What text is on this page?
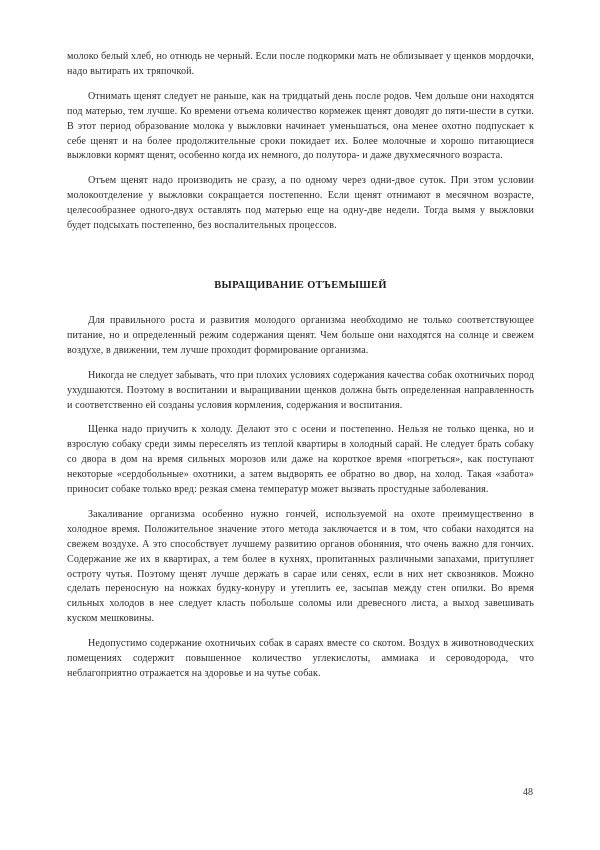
молоко белый хлеб, но отнюдь не черный. Если после подкормки мать не облизывает у щенков мордочки, надо вытирать их тряпочкой.

Отнимать щенят следует не раньше, как на тридцатый день после родов. Чем дольше они находятся под матерью, тем лучше. Ко времени отъема количество кормежек щенят доводят до пяти-шести в сутки. В этот период образование молока у выжловки начинает уменьшаться, она менее охотно подпускает к себе щенят и на более продолжительные сроки покидает их. Более молочные и хорошо питающиеся выжловки кормят щенят, особенно когда их немного, до полутора- и даже двухмесячного возраста.

Отъем щенят надо производить не сразу, а по одному через одни-двое суток. При этом условии молокоотделение у выжловки сокращается постепенно. Если щенят отнимают в месячном возрасте, целесообразнее одного-двух оставлять под матерью еще на одну-две недели. Тогда вымя у выжловки будет подсыхать постепенно, без воспалительных процессов.

ВЫРАЩИВАНИЕ ОТЪЕМЫШЕЙ

Для правильного роста и развития молодого организма необходимо не только соответствующее питание, но и определенный режим содержания щенят. Чем больше они находятся на солнце и свежем воздухе, в движении, тем лучше проходит формирование организма.

Никогда не следует забывать, что при плохих условиях содержания качества собак охотничьих пород ухудшаются. Поэтому в воспитании и выращивании щенков должна быть определенная направленность и соответственно ей созданы условия кормления, содержания и воспитания.

Щенка надо приучить к холоду. Делают это с осени и постепенно. Нельзя не только щенка, но и взрослую собаку среди зимы переселять из теплой квартиры в холодный сарай. Не следует брать собаку со двора в дом на время сильных морозов или даже на короткое время «погреться», как поступают некоторые «сердобольные» охотники, а затем выдворять ее обратно во двор, на холод. Такая «забота» приносит собаке только вред: резкая смена температур может вызвать простудные заболевания.

Закаливание организма особенно нужно гончей, используемой на охоте преимущественно в холодное время. Положительное значение этого метода заключается и в том, что собаки находятся на свежем воздухе. А это способствует лучшему развитию органов обоняния, что очень важно для гончих. Содержание же их в квартирах, а тем более в кухнях, пропитанных различными запахами, притупляет остроту чутья. Поэтому щенят лучше держать в сарае или сенях, если в них нет сквозняков. Можно сделать переносную на ножках будку-конуру и утеплить ее, засыпав между стен опилки. Во время сильных холодов в нее следует класть побольше соломы или древесного листа, а выход завешивать куском мешковины.

Недопустимо содержание охотничьих собак в сараях вместе со скотом. Воздух в животноводческих помещениях содержит повышенное количество углекислоты, аммиака и сероводорода, что неблагоприятно отражается на здоровье и на чутье собак.

48
